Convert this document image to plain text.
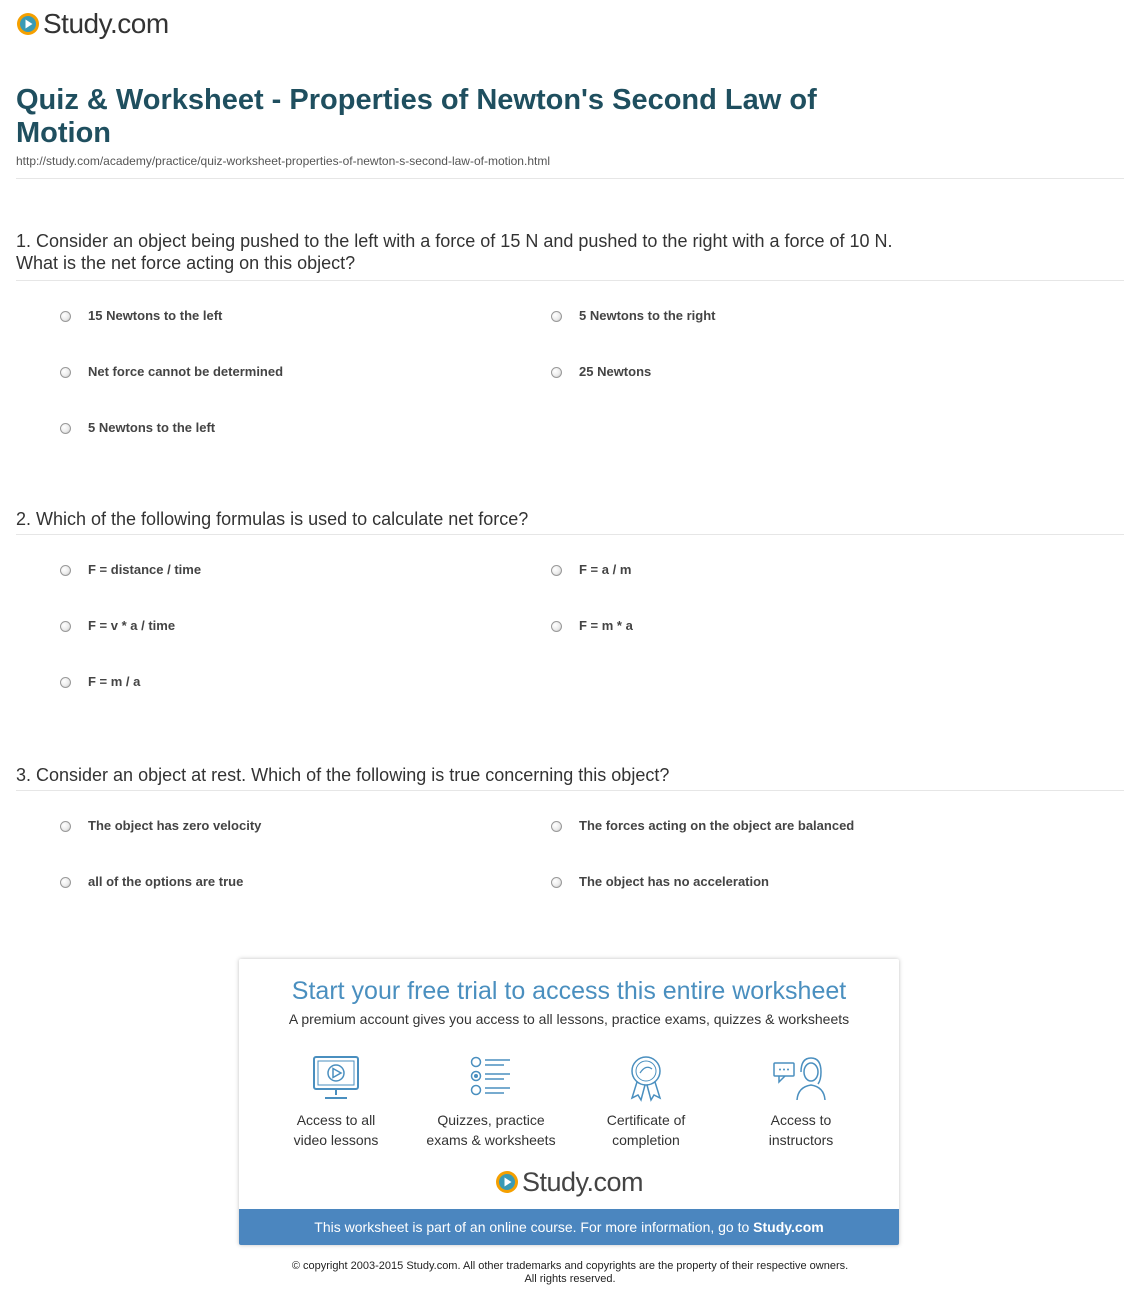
Study.com
Quiz & Worksheet - Properties of Newton's Second Law of Motion
http://study.com/academy/practice/quiz-worksheet-properties-of-newton-s-second-law-of-motion.html

1. Consider an object being pushed to the left with a force of 15 N and pushed to the right with a force of 10 N. What is the net force acting on this object?

15 Newtons to the left	5 Newtons to the right
Net force cannot be determined	25 Newtons
5 Newtons to the left

2. Which of the following formulas is used to calculate net force?

F = distance / time	F = a / m
F = v * a / time	F = m * a
F = m / a

3. Consider an object at rest. Which of the following is true concerning this object?

The object has zero velocity	The forces acting on the object are balanced
all of the options are true	The object has no acceleration
Start your free trial to access this entire worksheet
A premium account gives you access to all lessons, practice exams, quizzes & worksheets
Access to all
video lessons
Quizzes, practice
exams & worksheets
Certificate of
completion
Access to
instructors
Study.com
This worksheet is part of an online course. For more information, go to Study.com
© copyright 2003-2015 Study.com. All other trademarks and copyrights are the property of their respective owners.
All rights reserved.
